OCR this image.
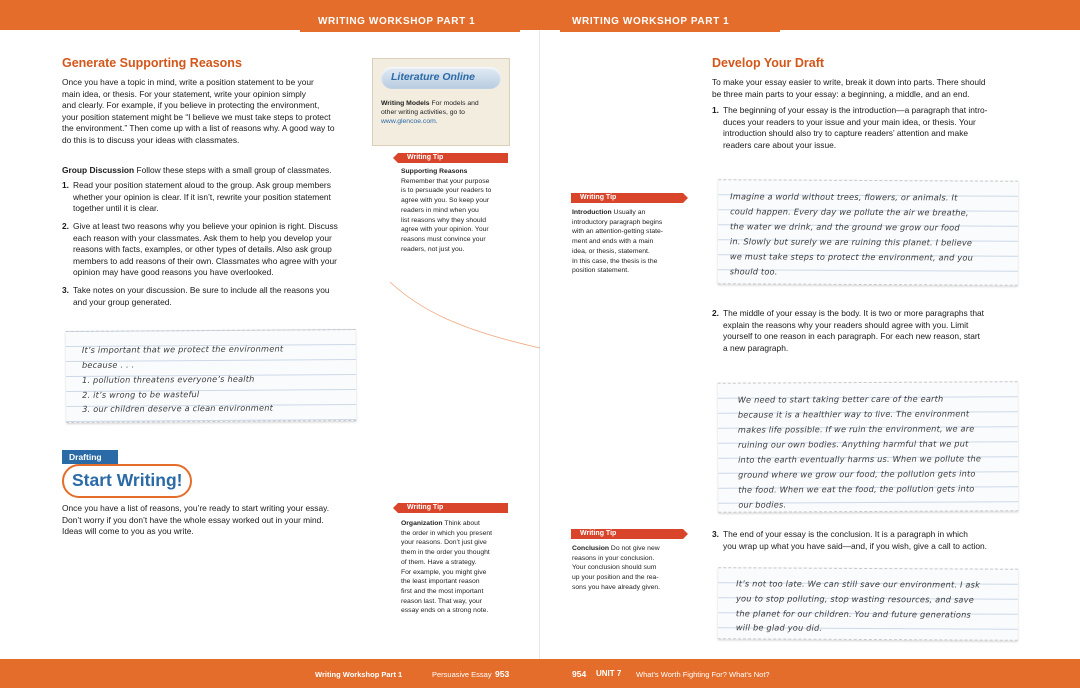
WRITING WORKSHOP PART 1	WRITING WORKSHOP PART 1
Generate Supporting Reasons
Once you have a topic in mind, write a position statement to be your
main idea, or thesis. For your statement, write your opinion simply
and clearly. For example, if you believe in protecting the environment,
your position statement might be “I believe we must take steps to protect
the environment.” Then come up with a list of reasons why. A good way to
do this is to discuss your ideas with classmates.
Group Discussion Follow these steps with a small group of classmates.
1. Read your position statement aloud to the group. Ask group members
whether your opinion is clear. If it isn’t, rewrite your position statement
together until it is clear.
2. Give at least two reasons why you believe your opinion is right. Discuss
each reason with your classmates. Ask them to help you develop your
reasons with facts, examples, or other types of details. Also ask group
members to add reasons of their own. Classmates who agree with your
opinion may have good reasons you have overlooked.
3. Take notes on your discussion. Be sure to include all the reasons you
and your group generated.
It’s important that we protect the environment
because . . .
1. pollution threatens everyone’s health
2. it’s wrong to be wasteful
3. our children deserve a clean environment
Drafting
Start Writing!
Once you have a list of reasons, you’re ready to start writing your essay.
Don’t worry if you don’t have the whole essay worked out in your mind.
Ideas will come to you as you write.
Literature Online
Writing Models For models and
other writing activities, go to
www.glencoe.com.
Writing Tip
Supporting Reasons
Remember that your purpose
is to persuade your readers to
agree with you. So keep your
readers in mind when you
list reasons why they should
agree with your opinion. Your
reasons must convince your
readers, not just you.
Writing Tip
Organization Think about
the order in which you present
your reasons. Don’t just give
them in the order you thought
of them. Have a strategy.
For example, you might give
the least important reason
first and the most important
reason last. That way, your
essay ends on a strong note.
Writing Tip
Introduction Usually an
introductory paragraph begins
with an attention-getting state-
ment and ends with a main
idea, or thesis, statement.
In this case, the thesis is the
position statement.
Writing Tip
Conclusion Do not give new
reasons in your conclusion.
Your conclusion should sum
up your position and the rea-
sons you have already given.
Develop Your Draft
To make your essay easier to write, break it down into parts. There should
be three main parts to your essay: a beginning, a middle, and an end.
1. The beginning of your essay is the introduction—a paragraph that intro-
duces your readers to your issue and your main idea, or thesis. Your
introduction should also try to capture readers’ attention and make
readers care about your issue.
Imagine a world without trees, flowers, or animals. It
could happen. Every day we pollute the air we breathe,
the water we drink, and the ground we grow our food
in. Slowly but surely we are ruining this planet. I believe
we must take steps to protect the environment, and you
should too.
2. The middle of your essay is the body. It is two or more paragraphs that
explain the reasons why your readers should agree with you. Limit
yourself to one reason in each paragraph. For each new reason, start
a new paragraph.
We need to start taking better care of the earth
because it is a healthier way to live. The environment
makes life possible. If we ruin the environment, we are
ruining our own bodies. Anything harmful that we put
into the earth eventually harms us. When we pollute the
ground where we grow our food, the pollution gets into
the food. When we eat the food, the pollution gets into
our bodies.
3. The end of your essay is the conclusion. It is a paragraph in which
you wrap up what you have said—and, if you wish, give a call to action.
It’s not too late. We can still save our environment. I ask
you to stop polluting, stop wasting resources, and save
the planet for our children. You and future generations
will be glad you did.
Writing Workshop Part 1	Persuasive Essay 953	954 UNIT 7 What's Worth Fighting For? What's Not?
